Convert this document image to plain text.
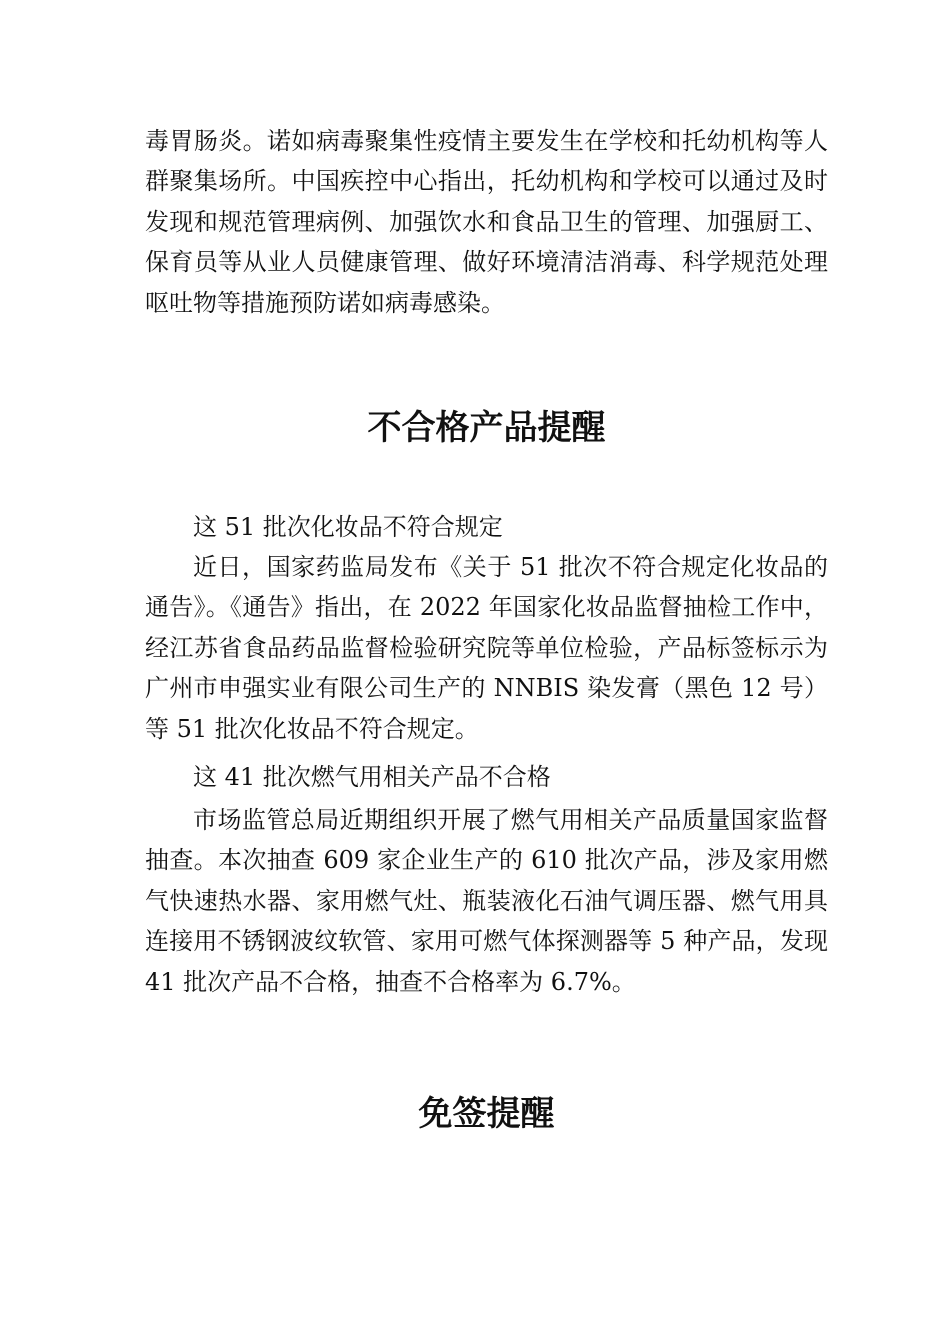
毒胃肠炎。诺如病毒聚集性疫情主要发生在学校和托幼机构等人群聚集场所。中国疾控中心指出，托幼机构和学校可以通过及时发现和规范管理病例、加强饮水和食品卫生的管理、加强厨工、保育员等从业人员健康管理、做好环境清洁消毒、科学规范处理呕吐物等措施预防诺如病毒感染。

不合格产品提醒

这 51 批次化妆品不符合规定

近日，国家药监局发布《关于 51 批次不符合规定化妆品的通告》。《通告》指出，在 2022 年国家化妆品监督抽检工作中，经江苏省食品药品监督检验研究院等单位检验，产品标签标示为广州市申强实业有限公司生产的 NNBIS 染发膏（黑色 12 号）等 51 批次化妆品不符合规定。

这 41 批次燃气用相关产品不合格

市场监管总局近期组织开展了燃气用相关产品质量国家监督抽查。本次抽查 609 家企业生产的 610 批次产品，涉及家用燃气快速热水器、家用燃气灶、瓶装液化石油气调压器、燃气用具连接用不锈钢波纹软管、家用可燃气体探测器等 5 种产品，发现 41 批次产品不合格，抽查不合格率为 6.7%。

免签提醒
